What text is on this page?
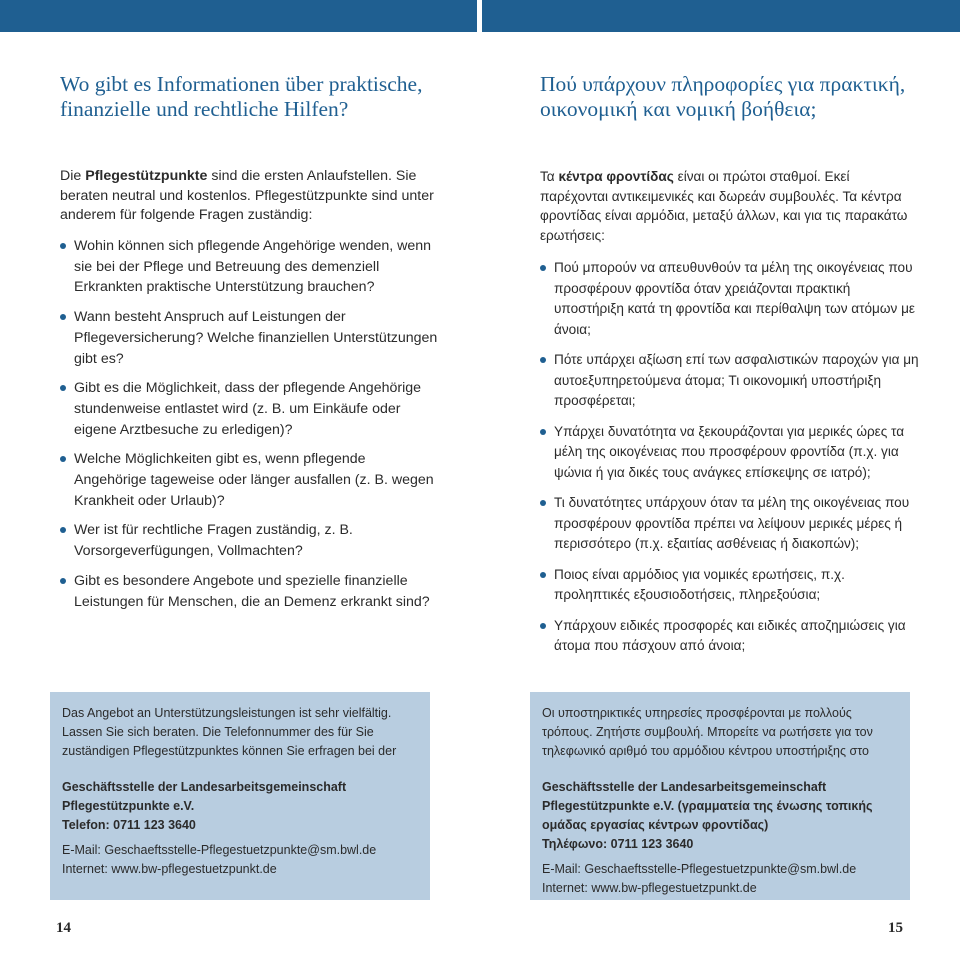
Wo gibt es Informationen über praktische, finanzielle und rechtliche Hilfen?

Die Pflegestützpunkte sind die ersten Anlaufstellen. Sie beraten neutral und kostenlos. Pflegestützpunkte sind unter anderem für folgende Fragen zuständig:

Wohin können sich pflegende Angehörige wenden, wenn sie bei der Pflege und Betreuung des demenziell Erkrankten praktische Unterstützung brauchen?
Wann besteht Anspruch auf Leistungen der Pflegeversicherung? Welche finanziellen Unterstützungen gibt es?
Gibt es die Möglichkeit, dass der pflegende Angehörige stundenweise entlastet wird (z. B. um Einkäufe oder eigene Arztbesuche zu erledigen)?
Welche Möglichkeiten gibt es, wenn pflegende Angehörige tageweise oder länger ausfallen (z. B. wegen Krankheit oder Urlaub)?
Wer ist für rechtliche Fragen zuständig, z. B. Vorsorgeverfügungen, Vollmachten?
Gibt es besondere Angebote und spezielle finanzielle Leistungen für Menschen, die an Demenz erkrankt sind?

Das Angebot an Unterstützungsleistungen ist sehr vielfältig. Lassen Sie sich beraten. Die Telefonnummer des für Sie zuständigen Pflegestützpunktes können Sie erfragen bei der

Geschäftsstelle der Landesarbeitsgemeinschaft Pflegestützpunkte e.V.
Telefon: 0711 123 3640

E-Mail: Geschaeftsstelle-Pflegestuetzpunkte@sm.bwl.de
Internet: www.bw-pflegestuetzpunkt.de

14
Πού υπάρχουν πληροφορίες για πρακτική, οικονομική και νομική βοήθεια;

Τα κέντρα φροντίδας είναι οι πρώτοι σταθμοί. Εκεί παρέχονται αντικειμενικές και δωρεάν συμβουλές. Τα κέντρα φροντίδας είναι αρμόδια, μεταξύ άλλων, και για τις παρακάτω ερωτήσεις:

Πού μπορούν να απευθυνθούν τα μέλη της οικογένειας που προσφέρουν φροντίδα όταν χρειάζονται πρακτική υποστήριξη κατά τη φροντίδα και περίθαλψη των ατόμων με άνοια;
Πότε υπάρχει αξίωση επί των ασφαλιστικών παροχών για μη αυτοεξυπηρετούμενα άτομα; Τι οικονομική υποστήριξη προσφέρεται;
Υπάρχει δυνατότητα να ξεκουράζονται για μερικές ώρες τα μέλη της οικογένειας που προσφέρουν φροντίδα (π.χ. για ψώνια ή για δικές τους ανάγκες επίσκεψης σε ιατρό);
Τι δυνατότητες υπάρχουν όταν τα μέλη της οικογένειας που προσφέρουν φροντίδα πρέπει να λείψουν μερικές μέρες ή περισσότερο (π.χ. εξαιτίας ασθένειας ή διακοπών);
Ποιος είναι αρμόδιος για νομικές ερωτήσεις, π.χ. προληπτικές εξουσιοδοτήσεις, πληρεξούσια;
Υπάρχουν ειδικές προσφορές και ειδικές αποζημιώσεις για άτομα που πάσχουν από άνοια;

Οι υποστηρικτικές υπηρεσίες προσφέρονται με πολλούς τρόπους. Ζητήστε συμβουλή. Μπορείτε να ρωτήσετε για τον τηλεφωνικό αριθμό του αρμόδιου κέντρου υποστήριξης στο

Geschäftsstelle der Landesarbeitsgemeinschaft Pflegestützpunkte e.V. (γραμματεία της ένωσης τοπικής ομάδας εργασίας κέντρων φροντίδας)
Τηλέφωνο: 0711 123 3640

E-Mail: Geschaeftsstelle-Pflegestuetzpunkte@sm.bwl.de
Internet: www.bw-pflegestuetzpunkt.de

15
